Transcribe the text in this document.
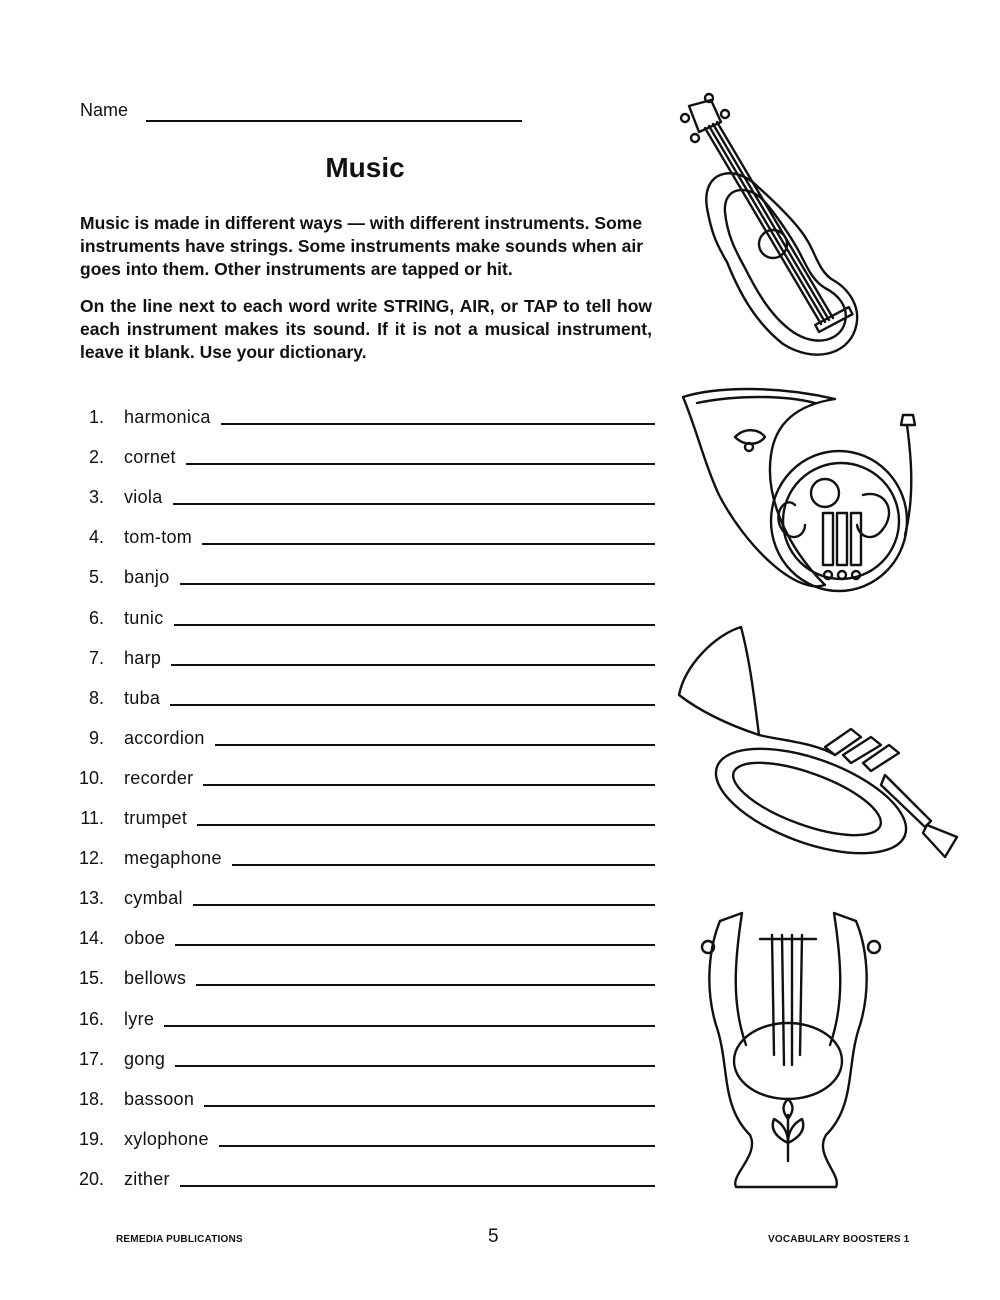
Name
Music

Music is made in different ways — with different instruments. Some instruments have strings. Some instruments make sounds when air goes into them. Other instruments are tapped or hit.

On the line next to each word write STRING, AIR, or TAP to tell how each instrument makes its sound. If it is not a musical instrument, leave it blank. Use your dictionary.

1. harmonica
2. cornet
3. viola
4. tom-tom
5. banjo
6. tunic
7. harp
8. tuba
9. accordion
10. recorder
11. trumpet
12. megaphone
13. cymbal
14. oboe
15. bellows
16. lyre
17. gong
18. bassoon
19. xylophone
20. zither
REMEDIA PUBLICATIONS	5	VOCABULARY BOOSTERS 1
